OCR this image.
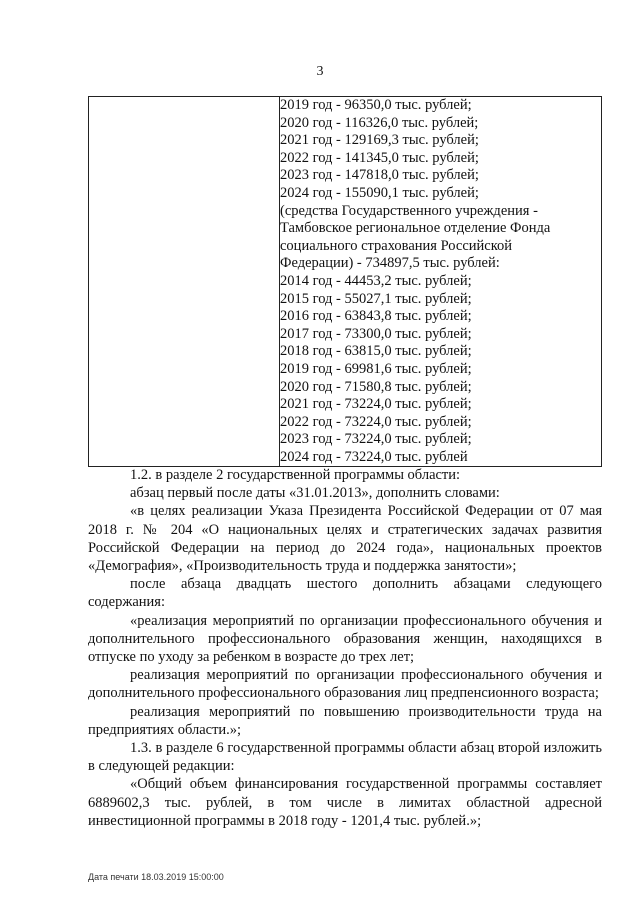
3

2019 год - 96350,0 тыс. рублей;
2020 год - 116326,0 тыс. рублей;
2021 год - 129169,3 тыс. рублей;
2022 год - 141345,0 тыс. рублей;
2023 год - 147818,0 тыс. рублей;
2024 год - 155090,1 тыс. рублей;
(средства Государственного учреждения -
Тамбовское региональное отделение Фонда
социального страхования Российской
Федерации) - 734897,5 тыс. рублей:
2014 год - 44453,2 тыс. рублей;
2015 год - 55027,1 тыс. рублей;
2016 год - 63843,8 тыс. рублей;
2017 год - 73300,0 тыс. рублей;
2018 год - 63815,0 тыс. рублей;
2019 год - 69981,6 тыс. рублей;
2020 год - 71580,8 тыс. рублей;
2021 год - 73224,0 тыс. рублей;
2022 год - 73224,0 тыс. рублей;
2023 год - 73224,0 тыс. рублей;
2024 год - 73224,0 тыс. рублей

1.2. в разделе 2 государственной программы области:

абзац первый после даты «31.01.2013», дополнить словами:

«в целях реализации Указа Президента Российской Федерации от 07 мая 2018 г. № 204 «О национальных целях и стратегических задачах развития Российской Федерации на период до 2024 года», национальных проектов «Демография», «Производительность труда и поддержка занятости»;

после абзаца двадцать шестого дополнить абзацами следующего содержания:

«реализация мероприятий по организации профессионального обучения и дополнительного профессионального образования женщин, находящихся в отпуске по уходу за ребенком в возрасте до трех лет;

реализация мероприятий по организации профессионального обучения и дополнительного профессионального образования лиц предпенсионного возраста;

реализация мероприятий по повышению производительности труда на предприятиях области.»;

1.3. в разделе 6 государственной программы области абзац второй изложить в следующей редакции:

«Общий объем финансирования государственной программы составляет 6889602,3 тыс. рублей, в том числе в лимитах областной адресной инвестиционной программы в 2018 году - 1201,4 тыс. рублей.»;

Дата печати 18.03.2019 15:00:00
